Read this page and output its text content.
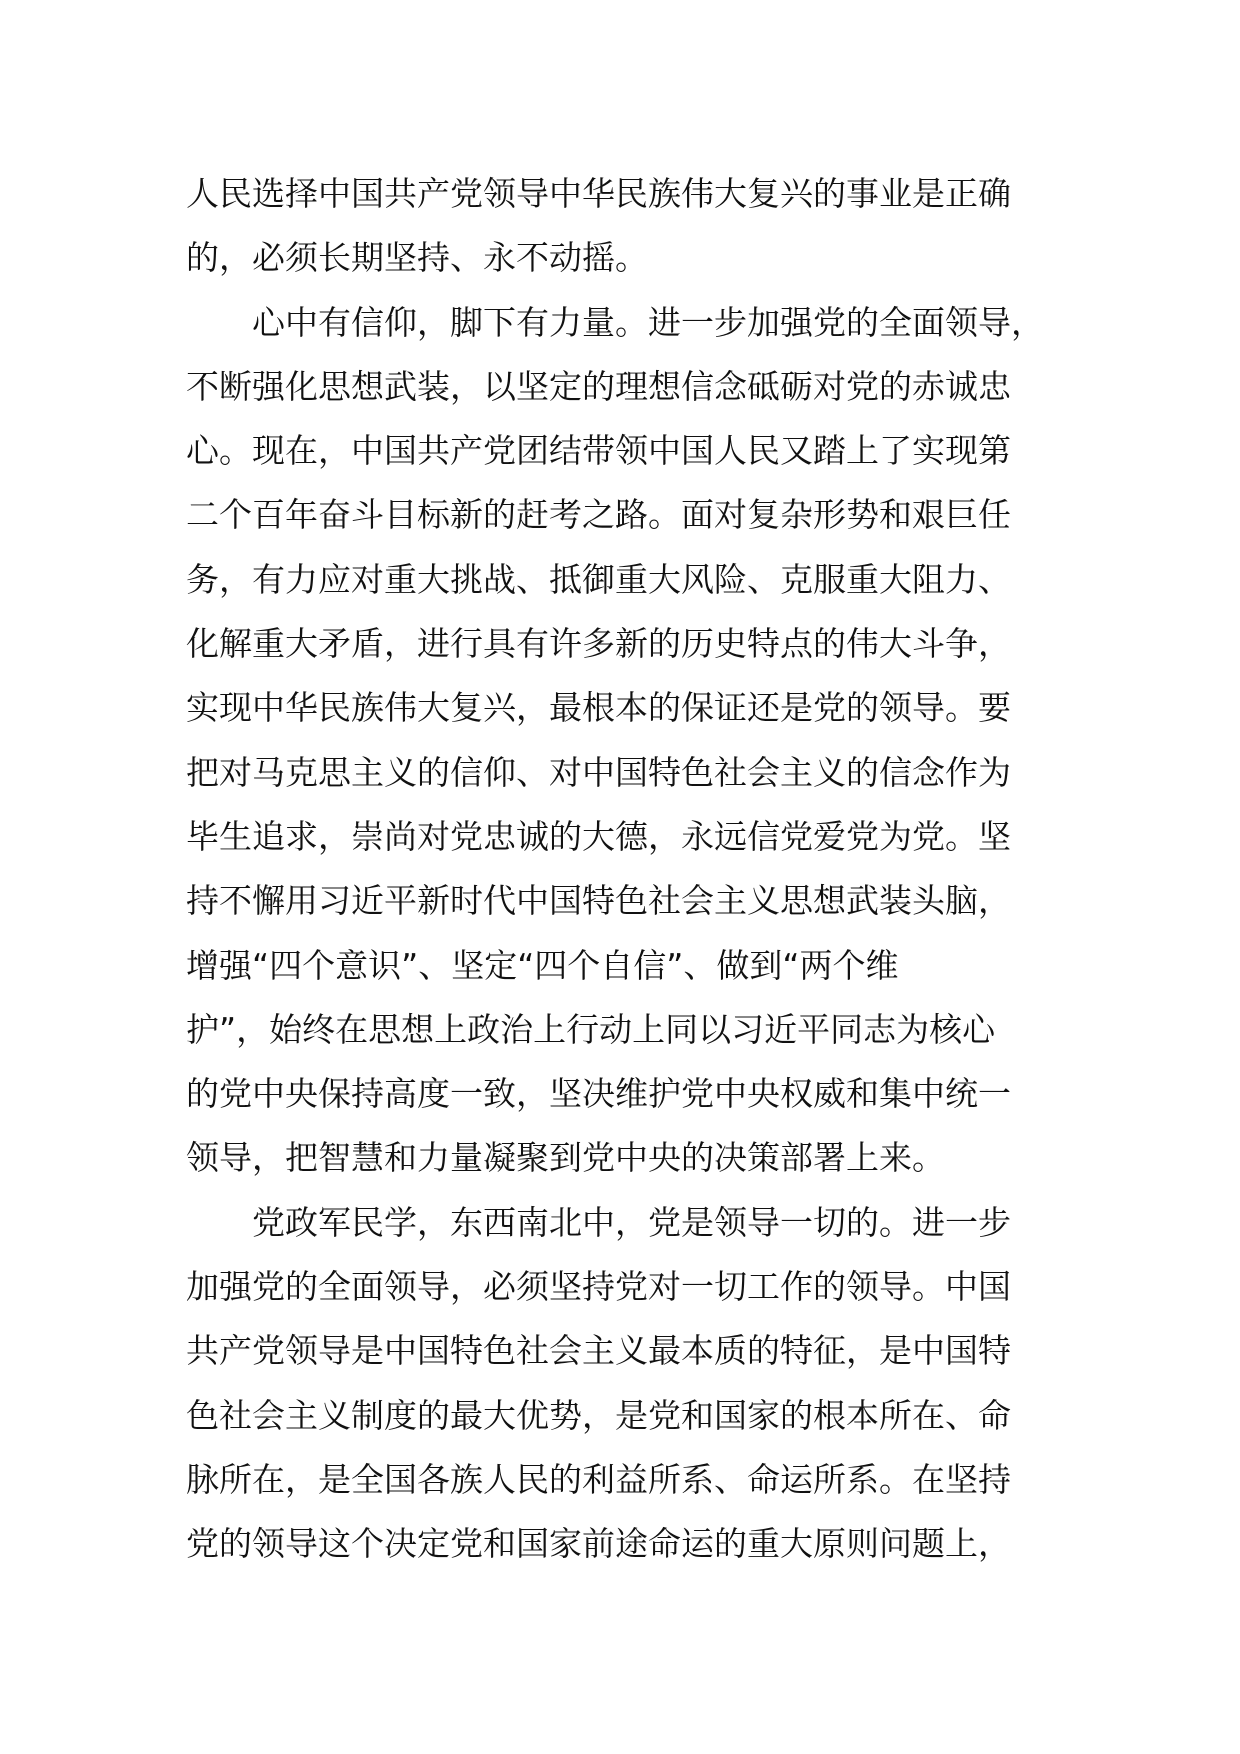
人民选择中国共产党领导中华民族伟大复兴的事业是正确
的，必须长期坚持、永不动摇。
心中有信仰，脚下有力量。进一步加强党的全面领导，
不断强化思想武装，以坚定的理想信念砥砺对党的赤诚忠
心。现在，中国共产党团结带领中国人民又踏上了实现第
二个百年奋斗目标新的赶考之路。面对复杂形势和艰巨任
务，有力应对重大挑战、抵御重大风险、克服重大阻力、
化解重大矛盾，进行具有许多新的历史特点的伟大斗争，
实现中华民族伟大复兴，最根本的保证还是党的领导。要
把对马克思主义的信仰、对中国特色社会主义的信念作为
毕生追求，崇尚对党忠诚的大德，永远信党爱党为党。坚
持不懈用习近平新时代中国特色社会主义思想武装头脑，
增强“四个意识”、坚定“四个自信”、做到“两个维
护”，始终在思想上政治上行动上同以习近平同志为核心
的党中央保持高度一致，坚决维护党中央权威和集中统一
领导，把智慧和力量凝聚到党中央的决策部署上来。
党政军民学，东西南北中，党是领导一切的。进一步
加强党的全面领导，必须坚持党对一切工作的领导。中国
共产党领导是中国特色社会主义最本质的特征，是中国特
色社会主义制度的最大优势，是党和国家的根本所在、命
脉所在，是全国各族人民的利益所系、命运所系。在坚持
党的领导这个决定党和国家前途命运的重大原则问题上，
